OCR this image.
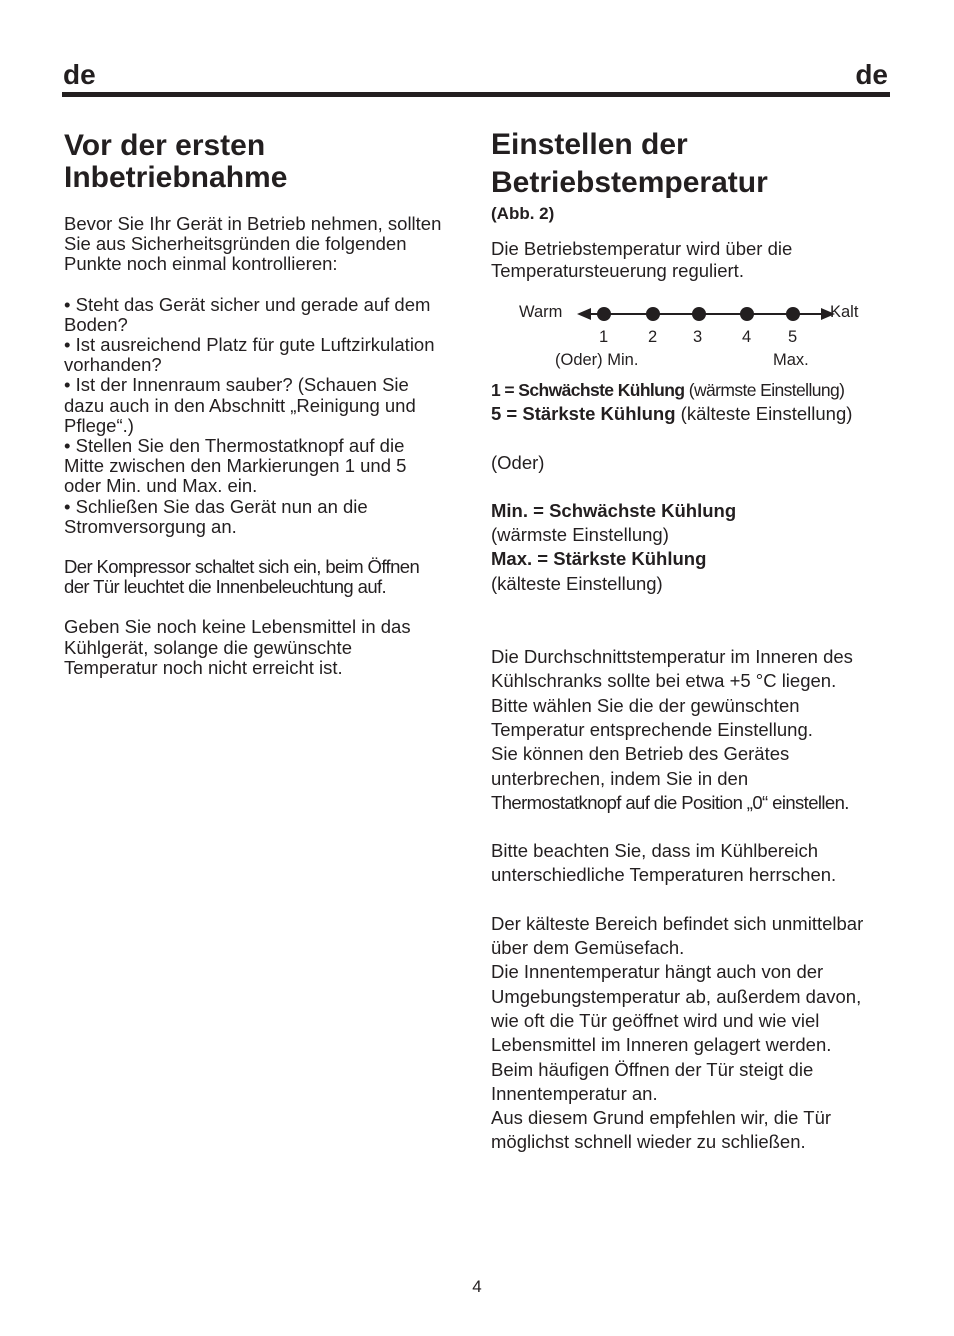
de	de
Vor der ersten
Inbetriebnahme

Bevor Sie Ihr Gerät in Betrieb nehmen, sollten
Sie aus Sicherheitsgründen die folgenden
Punkte noch einmal kontrollieren:

• Steht das Gerät sicher und gerade auf dem
Boden?
• Ist ausreichend Platz für gute Luftzirkulation
vorhanden?
• Ist der Innenraum sauber? (Schauen Sie
dazu auch in den Abschnitt „Reinigung und
Pflege“.)
• Stellen Sie den Thermostatknopf auf die
Mitte zwischen den Markierungen 1 und 5
oder Min. und Max. ein.
• Schließen Sie das Gerät nun an die
Stromversorgung an.

Der Kompressor schaltet sich ein, beim Öffnen
der Tür leuchtet die Innenbeleuchtung auf.

Geben Sie noch keine Lebensmittel in das
Kühlgerät, solange die gewünschte
Temperatur noch nicht erreicht ist.

Einstellen der
Betriebstemperatur
(Abb. 2)

Die Betriebstemperatur wird über die
Temperatursteuerung reguliert.

Warm	Kalt
1 2 3 4 5
(Oder) Min.	Max.

1 = Schwächste Kühlung (wärmste Einstellung)
5 = Stärkste Kühlung (kälteste Einstellung)

(Oder)

Min. = Schwächste Kühlung
(wärmste Einstellung)
Max. = Stärkste Kühlung
(kälteste Einstellung)

Die Durchschnittstemperatur im Inneren des
Kühlschranks sollte bei etwa +5 °C liegen.
Bitte wählen Sie die der gewünschten
Temperatur entsprechende Einstellung.
Sie können den Betrieb des Gerätes
unterbrechen, indem Sie in den
Thermostatknopf auf die Position „0“ einstellen.

Bitte beachten Sie, dass im Kühlbereich
unterschiedliche Temperaturen herrschen.

Der kälteste Bereich befindet sich unmittelbar
über dem Gemüsefach.
Die Innentemperatur hängt auch von der
Umgebungstemperatur ab, außerdem davon,
wie oft die Tür geöffnet wird und wie viel
Lebensmittel im Inneren gelagert werden.
Beim häufigen Öffnen der Tür steigt die
Innentemperatur an.
Aus diesem Grund empfehlen wir, die Tür
möglichst schnell wieder zu schließen.

4
